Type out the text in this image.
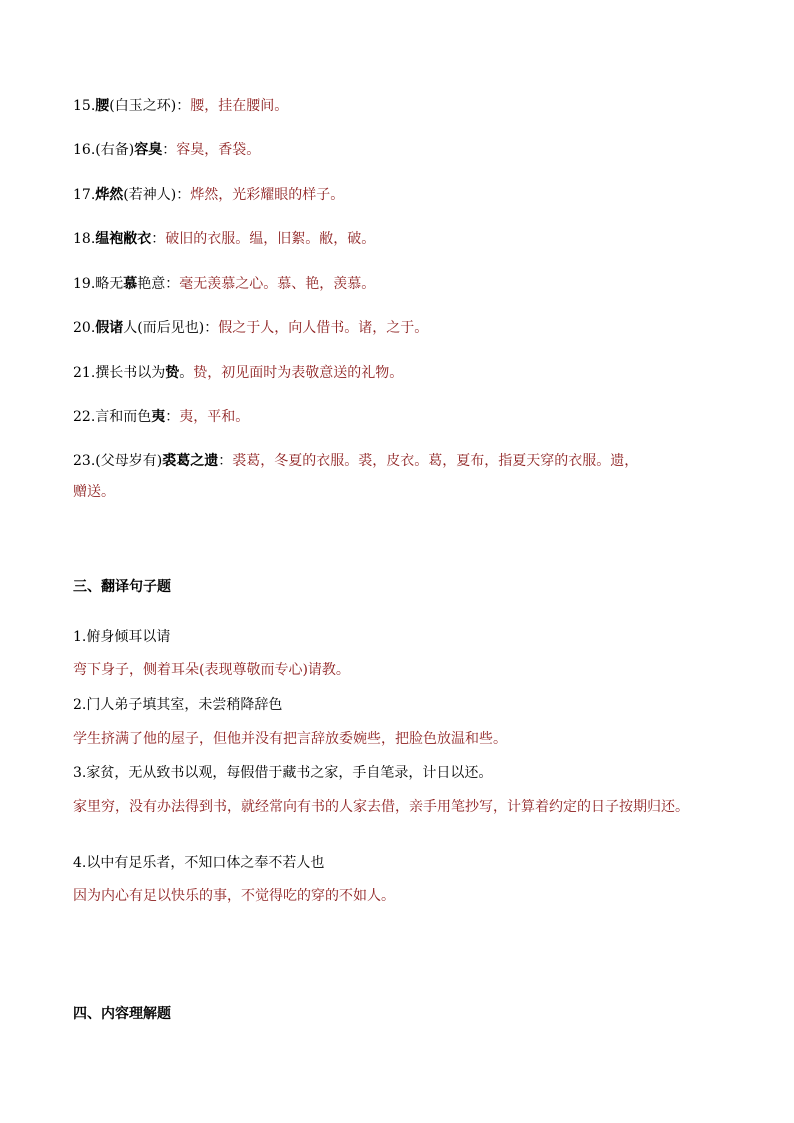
15.腰(白玉之环)：腰，挂在腰间。
16.(右备)容臭：容臭，香袋。
17.烨然(若神人)：烨然，光彩耀眼的样子。
18.缊袍敝衣：破旧的衣服。缊，旧絮。敝，破。
19.略无慕艳意：毫无羡慕之心。慕、艳，羡慕。
20.假诸人(而后见也)：假之于人，向人借书。诸，之于。
21.撰长书以为贽。贽，初见面时为表敬意送的礼物。
22.言和而色夷：夷，平和。
23.(父母岁有)裘葛之遗：裘葛，冬夏的衣服。裘，皮衣。葛，夏布，指夏天穿的衣服。遗，
赠送。
三、翻译句子题
1.俯身倾耳以请
弯下身子，侧着耳朵(表现尊敬而专心)请教。
2.门人弟子填其室，未尝稍降辞色
学生挤满了他的屋子，但他并没有把言辞放委婉些，把脸色放温和些。
3.家贫，无从致书以观，每假借于藏书之家，手自笔录，计日以还。
家里穷，没有办法得到书，就经常向有书的人家去借，亲手用笔抄写，计算着约定的日子按期归还。
4.以中有足乐者，不知口体之奉不若人也
因为内心有足以快乐的事，不觉得吃的穿的不如人。
四、内容理解题
